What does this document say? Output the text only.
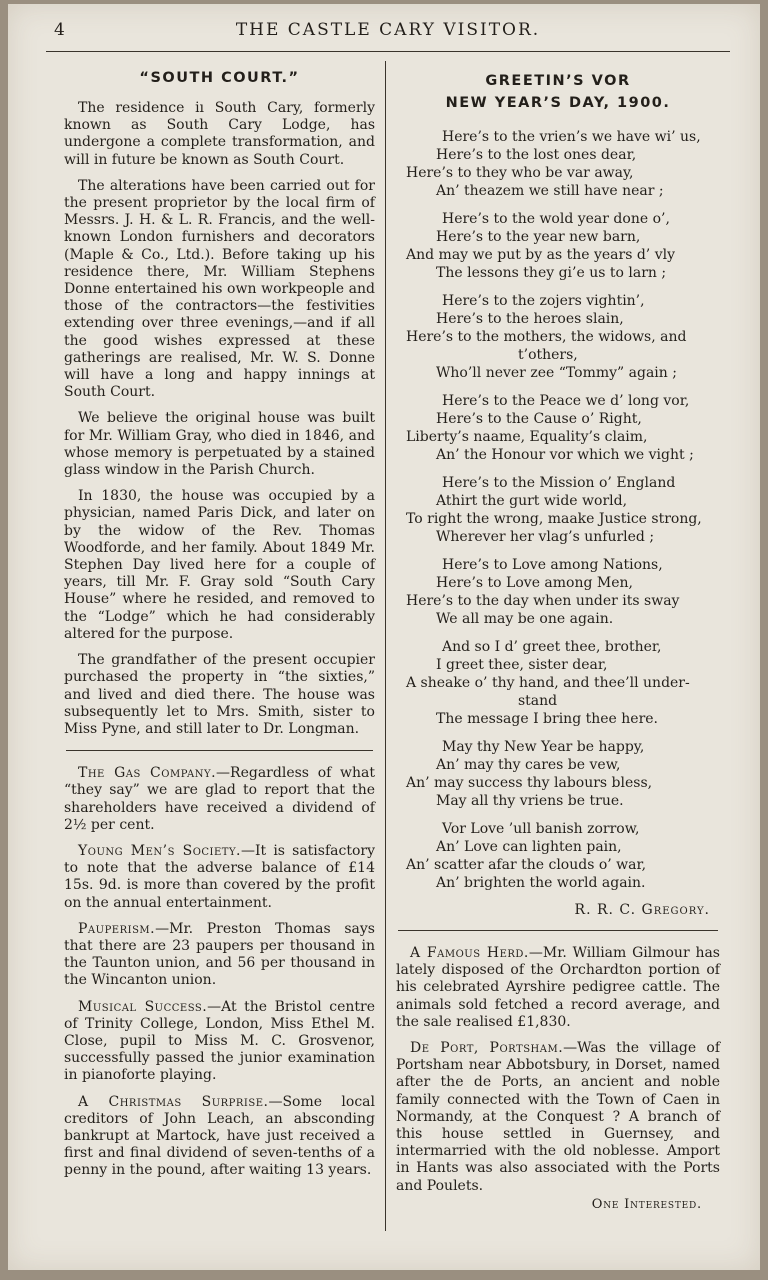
4	THE CASTLE CARY VISITOR.
“SOUTH COURT.”

The residence iı South Cary, formerly known as South Cary Lodge, has undergone a complete transformation, and will in future be known as South Court.

The alterations have been carried out for the present proprietor by the local firm of Messrs. J. H. & L. R. Francis, and the well-known London furnishers and decorators (Maple & Co., Ltd.). Before taking up his residence there, Mr. William Stephens Donne entertained his own workpeople and those of the contractors—the festivities extending over three evenings,—and if all the good wishes expressed at these gatherings are realised, Mr. W. S. Donne will have a long and happy innings at South Court.

We believe the original house was built for Mr. William Gray, who died in 1846, and whose memory is perpetuated by a stained glass window in the Parish Church.

In 1830, the house was occupied by a physician, named Paris Dick, and later on by the widow of the Rev. Thomas Woodforde, and her family. About 1849 Mr. Stephen Day lived here for a couple of years, till Mr. F. Gray sold “South Cary House” where he resided, and removed to the “Lodge” which he had considerably altered for the purpose.

The grandfather of the present occupier purchased the property in “the sixties,” and lived and died there. The house was subsequently let to Mrs. Smith, sister to Miss Pyne, and still later to Dr. Longman.

The Gas Company.—Regardless of what “they say” we are glad to report that the shareholders have received a dividend of 2½ per cent.

Young Men’s Society.—It is satisfactory to note that the adverse balance of £14 15s. 9d. is more than covered by the profit on the annual entertainment.

Pauperism.—Mr. Preston Thomas says that there are 23 paupers per thousand in the Taunton union, and 56 per thousand in the Wincanton union.

Musical Success.—At the Bristol centre of Trinity College, London, Miss Ethel M. Close, pupil to Miss M. C. Grosvenor, successfully passed the junior examination in pianoforte playing.

A Christmas Surprise.—Some local creditors of John Leach, an absconding bankrupt at Martock, have just received a first and final dividend of seven-tenths of a penny in the pound, after waiting 13 years.

GREETIN’S VOR
NEW YEAR’S DAY, 1900.
Here’s to the vrien’s we have wi’ us,
Here’s to the lost ones dear,
Here’s to they who be var away,
An’ theazem we still have near ;
Here’s to the wold year done o’,
Here’s to the year new barn,
And may we put by as the years d’ vly
The lessons they gi’e us to larn ;
Here’s to the zojers vightin’,
Here’s to the heroes slain,
Here’s to the mothers, the widows, and
t’others,
Who’ll never zee “Tommy” again ;
Here’s to the Peace we d’ long vor,
Here’s to the Cause o’ Right,
Liberty’s naame, Equality’s claim,
An’ the Honour vor which we vight ;
Here’s to the Mission o’ England
Athirt the gurt wide world,
To right the wrong, maake Justice strong,
Wherever her vlag’s unfurled ;
Here’s to Love among Nations,
Here’s to Love among Men,
Here’s to the day when under its sway
We all may be one again.
And so I d’ greet thee, brother,
I greet thee, sister dear,
A sheake o’ thy hand, and thee’ll under-
stand
The message I bring thee here.
May thy New Year be happy,
An’ may thy cares be vew,
An’ may success thy labours bless,
May all thy vriens be true.
Vor Love ’ull banish zorrow,
An’ Love can lighten pain,
An’ scatter afar the clouds o’ war,
An’ brighten the world again.
R. R. C. Gregory.

A Famous Herd.—Mr. William Gilmour has lately disposed of the Orchardton portion of his celebrated Ayrshire pedigree cattle. The animals sold fetched a record average, and the sale realised £1,830.

De Port, Portsham.—Was the village of Portsham near Abbotsbury, in Dorset, named after the de Ports, an ancient and noble family connected with the Town of Caen in Normandy, at the Conquest ? A branch of this house settled in Guernsey, and intermarried with the old noblesse. Amport in Hants was also associated with the Ports and Poulets.

One Interested.
